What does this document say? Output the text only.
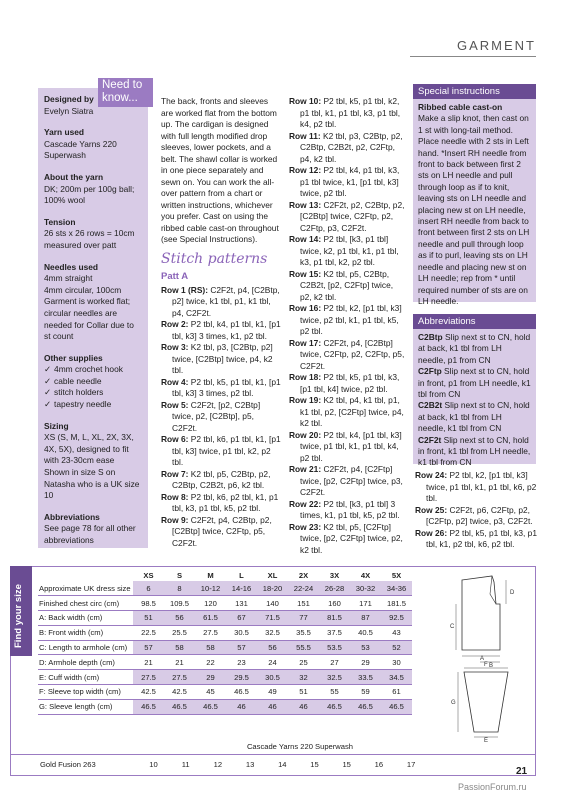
GARMENT
Designed by
Evelyn Siatra
Yarn used
Cascade Yarns 220 Superwash
About the yarn
DK; 200m per 100g ball; 100% wool
Tension
26 sts x 26 rows = 10cm measured over patt
Needles used
4mm straight
4mm circular, 100cm
Garment is worked flat; circular needles are needed for Collar due to st count
Other supplies
✓ 4mm crochet hook
✓ cable needle
✓ stitch holders
✓ tapestry needle
Sizing
XS (S, M, L, XL, 2X, 3X, 4X, 5X), designed to fit with 23-30cm ease
Shown in size S on Natasha who is a UK size 10
Abbreviations
See page 78 for all other abbreviations
Need to know...	The back, fronts and sleeves are worked flat from the bottom up. The cardigan is designed with full length modified drop sleeves, lower pockets, and a belt. The shawl collar is worked in one piece separately and sewn on. You can work the all-over pattern from a chart or written instructions, whichever you prefer. Cast on using the ribbed cable cast-on throughout (see Special Instructions).
Stitch patterns
Patt A
Row 1 (RS): C2F2t, p4, [C2Btp, p2] twice, k1 tbl, p1, k1 tbl, p4, C2F2t.
Row 2: P2 tbl, k4, p1 tbl, k1, [p1 tbl, k3] 3 times, k1, p2 tbl.
Row 3: K2 tbl, p3, [C2Btp, p2] twice, [C2Btp] twice, p4, k2 tbl.
Row 4: P2 tbl, k5, p1 tbl, k1, [p1 tbl, k3] 3 times, p2 tbl.
Row 5: C2F2t, [p2, C2Btp] twice, p2, [C2Btp], p5, C2F2t.
Row 6: P2 tbl, k6, p1 tbl, k1, [p1 tbl, k3] twice, p1 tbl, k2, p2 tbl.
Row 7: K2 tbl, p5, C2Btp, p2, C2Btp, C2B2t, p6, k2 tbl.
Row 8: P2 tbl, k6, p2 tbl, k1, p1 tbl, k3, p1 tbl, k5, p2 tbl.
Row 9: C2F2t, p4, C2Btp, p2, [C2Btp] twice, C2Ftp, p5, C2F2t.
Row 10: P2 tbl, k5, p1 tbl, k2, p1 tbl, k1, p1 tbl, k3, p1 tbl, k4, p2 tbl.
Row 11: K2 tbl, p3, C2Btp, p2, C2Btp, C2B2t, p2, C2Ftp, p4, k2 tbl.
Row 12: P2 tbl, k4, p1 tbl, k3, p1 tbl twice, k1, [p1 tbl, k3] twice, p2 tbl.
Row 13: C2F2t, p2, C2Btp, p2, [C2Btp] twice, C2Ftp, p2, C2Ftp, p3, C2F2t.
Row 14: P2 tbl, [k3, p1 tbl] twice, k2, p1 tbl, k1, p1 tbl, k3, p1 tbl, k2, p2 tbl.
Row 15: K2 tbl, p5, C2Btp, C2B2t, [p2, C2Ftp] twice, p2, k2 tbl.
Row 16: P2 tbl, k2, [p1 tbl, k3] twice, p2 tbl, k1, p1 tbl, k5, p2 tbl.
Row 17: C2F2t, p4, [C2Btp] twice, C2Ftp, p2, C2Ftp, p5, C2F2t.
Row 18: P2 tbl, k5, p1 tbl, k3, [p1 tbl, k4] twice, p2 tbl.
Row 19: K2 tbl, p4, k1 tbl, p1, k1 tbl, p2, [C2Ftp] twice, p4, k2 tbl.
Row 20: P2 tbl, k4, [p1 tbl, k3] twice, p1 tbl, k1, p1 tbl, k4, p2 tbl.
Row 21: C2F2t, p4, [C2Ftp] twice, [p2, C2Ftp] twice, p3, C2F2t.
Row 22: P2 tbl, [k3, p1 tbl] 3 times, k1, p1 tbl, k5, p2 tbl.
Row 23: K2 tbl, p5, [C2Ftp] twice, [p2, C2Ftp] twice, p2, k2 tbl.
Special instructions
Ribbed cable cast-on
Make a slip knot, then cast on 1 st with long-tail method. Place needle with 2 sts in Left hand. *Insert RH needle from front to back between first 2 sts on LH needle and pull through loop as if to knit, leaving sts on LH needle and placing new st on LH needle, insert RH needle from back to front between first 2 sts on LH needle and pull through loop as if to purl, leaving sts on LH needle and placing new st on LH needle; rep from * until required number of sts are on LH needle.
Abbreviations
C2Btp Slip next st to CN, hold at back, k1 tbl from LH needle, p1 from CN
C2Ftp Slip next st to CN, hold in front, p1 from LH needle, k1 tbl from CN
C2B2t Slip next st to CN, hold at back, k1 tbl from LH needle, k1 tbl from CN
C2F2t Slip next st to CN, hold in front, k1 tbl from LH needle, k1 tbl from CN
Row 24: P2 tbl, k2, [p1 tbl, k3] twice, p1 tbl, k1, p1 tbl, k6, p2 tbl.
Row 25: C2F2t, p6, C2Ftp, p2, [C2Ftp, p2] twice, p3, C2F2t.
Row 26: P2 tbl, k5, p1 tbl, k3, p1 tbl, k1, p2 tbl, k6, p2 tbl.
Find your size
	XS	S	M	L	XL	2X	3X	4X	5X
Approximate UK dress size	6	8	10-12	14-16	18-20	22-24	26-28	30-32	34-36
Finished chest circ (cm)	98.5	109.5	120	131	140	151	160	171	181.5
A: Back width (cm)	51	56	61.5	67	71.5	77	81.5	87	92.5
B: Front width (cm)	22.5	25.5	27.5	30.5	32.5	35.5	37.5	40.5	43
C: Length to armhole (cm)	57	58	58	57	56	55.5	53.5	53	52
D: Armhole depth (cm)	21	21	22	23	24	25	27	29	30
E: Cuff width (cm)	27.5	27.5	29	29.5	30.5	32	32.5	33.5	34.5
F: Sleeve top width (cm)	42.5	42.5	45	46.5	49	51	55	59	61
G: Sleeve length (cm)	46.5	46.5	46.5	46	46	46	46.5	46.5	46.5
Cascade Yarns 220 Superwash
Gold Fusion 263	10	11	12	13	14	15	15	16	17
D
C
A
B
F
G
E
21
PassionForum.ru
